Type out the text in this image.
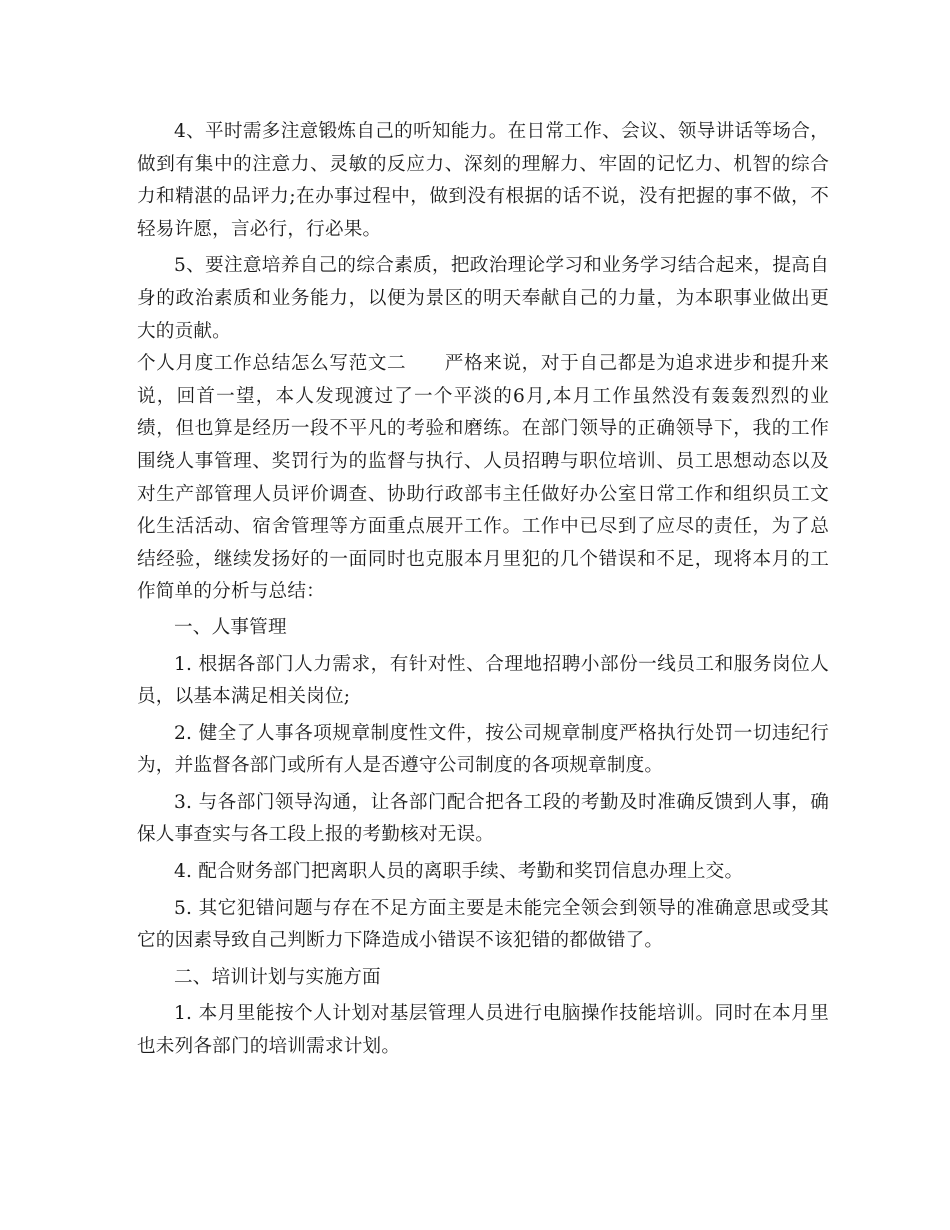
4、平时需多注意锻炼自己的听知能力。在日常工作、会议、领导讲话等场合，做到有集中的注意力、灵敏的反应力、深刻的理解力、牢固的记忆力、机智的综合力和精湛的品评力;在办事过程中，做到没有根据的话不说，没有把握的事不做，不轻易许愿，言必行，行必果。

5、要注意培养自己的综合素质，把政治理论学习和业务学习结合起来，提高自身的政治素质和业务能力，以便为景区的明天奉献自己的力量，为本职事业做出更大的贡献。

个人月度工作总结怎么写范文二 严格来说，对于自己都是为追求进步和提升来说，回首一望，本人发现渡过了一个平淡的6月,本月工作虽然没有轰轰烈烈的业绩，但也算是经历一段不平凡的考验和磨练。在部门领导的正确领导下，我的工作围绕人事管理、奖罚行为的监督与执行、人员招聘与职位培训、员工思想动态以及对生产部管理人员评价调查、协助行政部韦主任做好办公室日常工作和组织员工文化生活活动、宿舍管理等方面重点展开工作。工作中已尽到了应尽的责任，为了总结经验，继续发扬好的一面同时也克服本月里犯的几个错误和不足，现将本月的工作简单的分析与总结：

一、人事管理

1. 根据各部门人力需求，有针对性、合理地招聘小部份一线员工和服务岗位人员，以基本满足相关岗位;

2. 健全了人事各项规章制度性文件，按公司规章制度严格执行处罚一切违纪行为，并监督各部门或所有人是否遵守公司制度的各项规章制度。

3. 与各部门领导沟通，让各部门配合把各工段的考勤及时准确反馈到人事，确保人事查实与各工段上报的考勤核对无误。

4. 配合财务部门把离职人员的离职手续、考勤和奖罚信息办理上交。

5. 其它犯错问题与存在不足方面主要是未能完全领会到领导的准确意思或受其它的因素导致自己判断力下降造成小错误不该犯错的都做错了。

二、培训计划与实施方面

1. 本月里能按个人计划对基层管理人员进行电脑操作技能培训。同时在本月里也未列各部门的培训需求计划。
